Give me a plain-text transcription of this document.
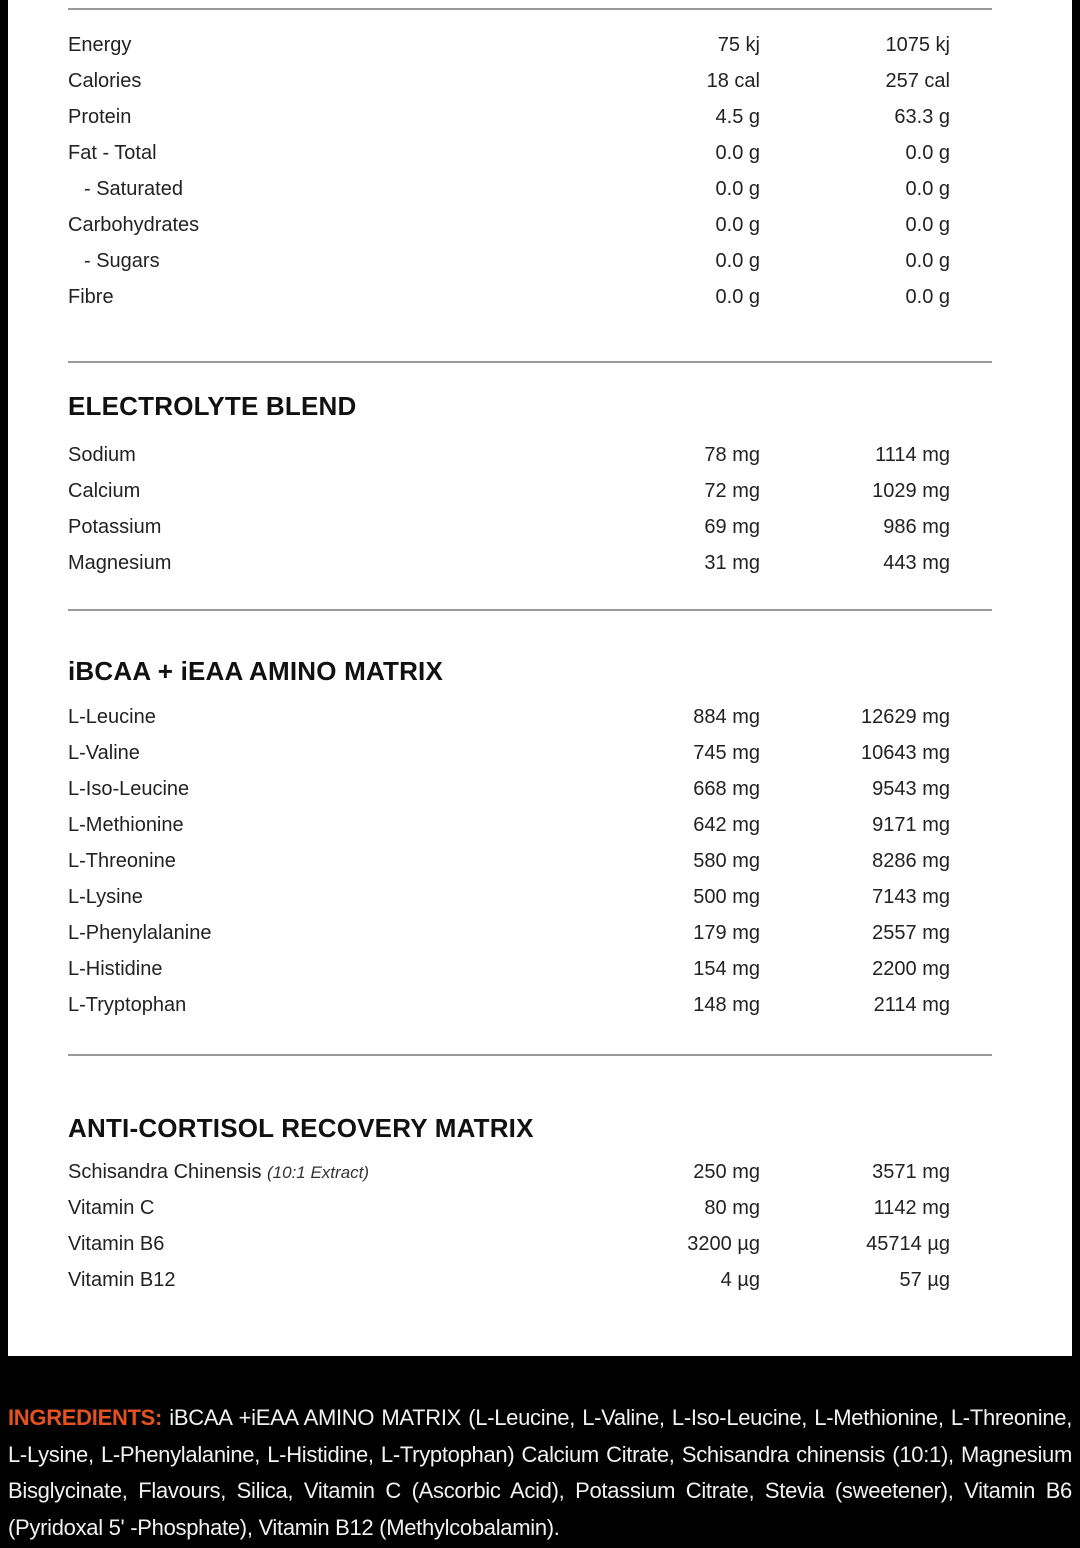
Energy	75 kj	1075 kj
Calories	18 cal	257 cal
Protein	4.5 g	63.3 g
Fat - Total	0.0 g	0.0 g
- Saturated	0.0 g	0.0 g
Carbohydrates	0.0 g	0.0 g
- Sugars	0.0 g	0.0 g
Fibre	0.0 g	0.0 g
ELECTROLYTE BLEND
Sodium	78 mg	1114 mg
Calcium	72 mg	1029 mg
Potassium	69 mg	986 mg
Magnesium	31 mg	443 mg
iBCAA + iEAA AMINO MATRIX
L-Leucine	884 mg	12629 mg
L-Valine	745 mg	10643 mg
L-Iso-Leucine	668 mg	9543 mg
L-Methionine	642 mg	9171 mg
L-Threonine	580 mg	8286 mg
L-Lysine	500 mg	7143 mg
L-Phenylalanine	179 mg	2557 mg
L-Histidine	154 mg	2200 mg
L-Tryptophan	148 mg	2114 mg
ANTI-CORTISOL RECOVERY MATRIX
Schisandra Chinensis (10:1 Extract)	250 mg	3571 mg
Vitamin C	80 mg	1142 mg
Vitamin B6	3200 µg	45714 µg
Vitamin B12	4 µg	57 µg
INGREDIENTS: iBCAA +iEAA AMINO MATRIX (L-Leucine, L-Valine, L-Iso-Leucine, L-Methionine, L-Threonine, L-Lysine, L-Phenylalanine, L-Histidine, L-Tryptophan) Calcium Citrate, Schisandra chinensis (10:1), Magnesium Bisglycinate, Flavours, Silica, Vitamin C (Ascorbic Acid), Potassium Citrate, Stevia (sweetener), Vitamin B6 (Pyridoxal 5' -Phosphate), Vitamin B12 (Methylcobalamin).
